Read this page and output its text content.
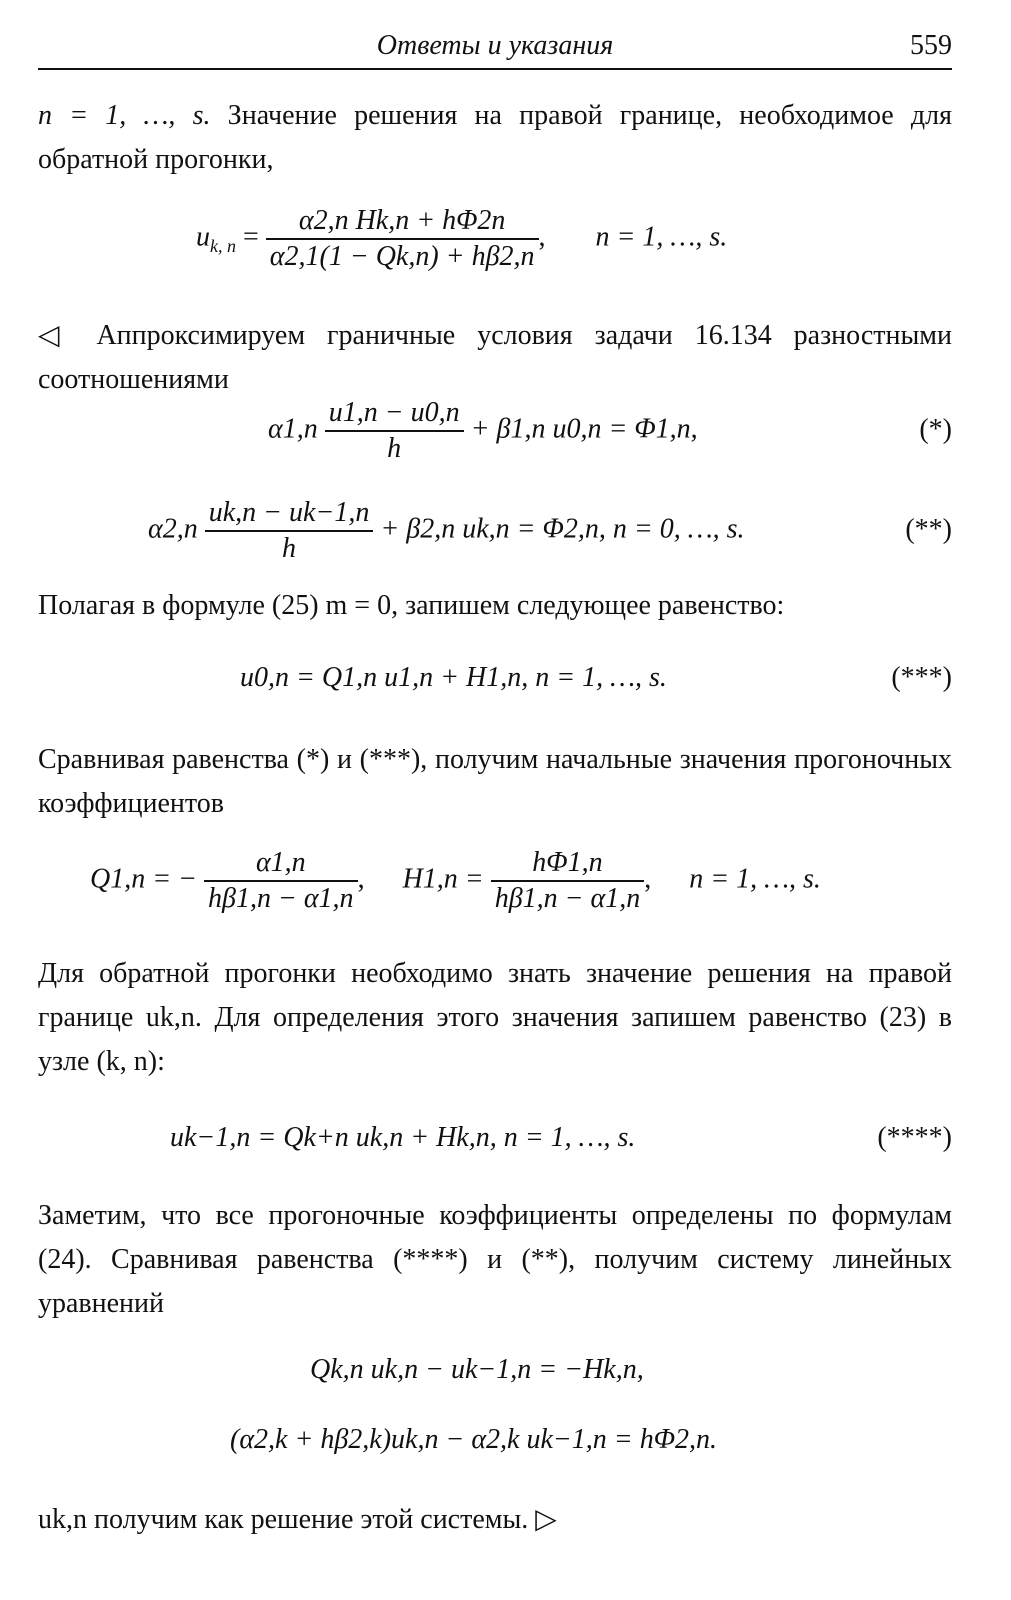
Ответы и указания	559
n = 1, …, s. Значение решения на правой границе, необходимое для обратной прогонки,
$u_{k, n} = \frac{\text{α2,n Hk,n + hΦ2n}}{\alpha 2,1(1 - Qk,n) + h\beta 2,n}$ , n = 1, …, s.
◁ Аппроксимируем граничные условия задачи 16.134 разностными соотношениями
$\alpha 1,n \frac{u1,n - u0,n}{h} + \beta 1,n$ u0,n = Φ1,n,	(*)
$\alpha 2,n \frac{uk,n - uk-1,n}{h} + \beta 2,n$ uk,n = Φ2,n, n = 0, …, s.	(**)
Полагая в формуле (25) m = 0, запишем следующее равенство:
u0,n = Q1,n u1,n + H1,n, n = 1, …, s.	(***)
Сравнивая равенства (*) и (***), получим начальные значения прогоночных коэффициентов
Q1,n = − $\frac{\alpha 1,n}{h\beta 1,n - \alpha 1,n}$ , $H1,n = \frac{h\Phi 1,n}{h\beta 1,n - \alpha 1,n}$ , n = 1, …, s.
Для обратной прогонки необходимо знать значение решения на правой границе uk,n. Для определения этого значения запишем равенство (23) в узле (k, n):
uk−1,n = Qk+n uk,n + Hk,n, n = 1, …, s.	(****)
Заметим, что все прогоночные коэффициенты определены по формулам (24). Сравнивая равенства (****) и (**), получим систему линейных уравнений
Qk,n uk,n − uk−1,n = −Hk,n,
(α2,k + hβ2,k)uk,n − α2,k uk−1,n = hΦ2,n.
uk,n получим как решение этой системы. ▷
